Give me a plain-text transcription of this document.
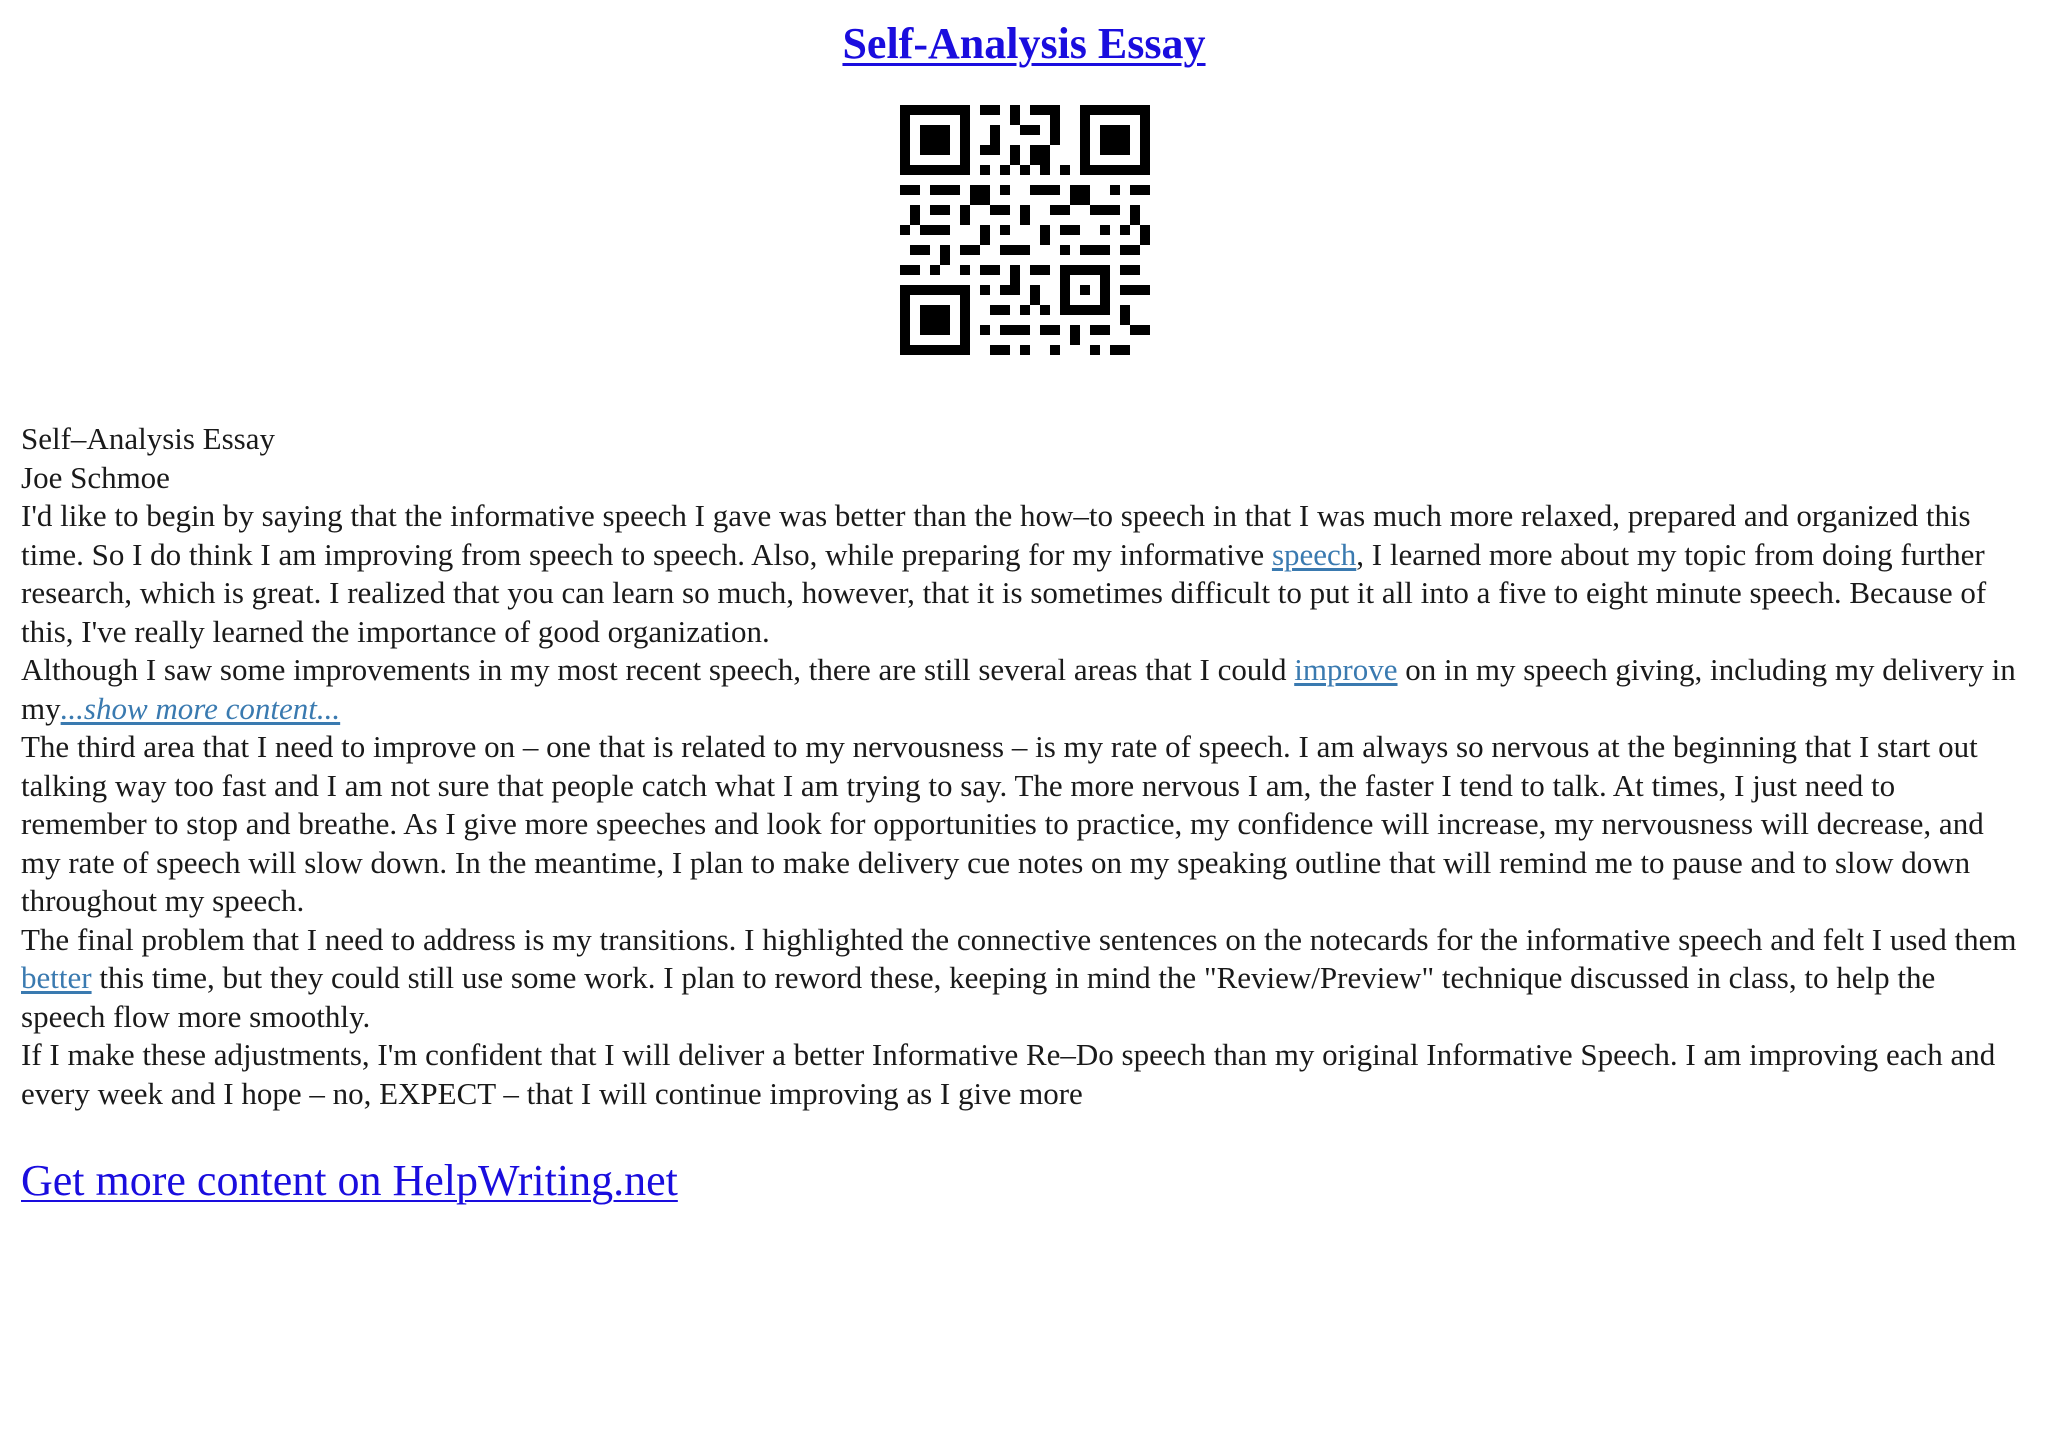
Self-Analysis Essay

Self–Analysis Essay

Joe Schmoe

I'd like to begin by saying that the informative speech I gave was better than the how–to speech in that I was much more relaxed, prepared and organized this time. So I do think I am improving from speech to speech. Also, while preparing for my informative speech, I learned more about my topic from doing further research, which is great. I realized that you can learn so much, however, that it is sometimes difficult to put it all into a five to eight minute speech. Because of this, I've really learned the importance of good organization.

Although I saw some improvements in my most recent speech, there are still several areas that I could improve on in my speech giving, including my delivery in my...show more content...

The third area that I need to improve on – one that is related to my nervousness – is my rate of speech. I am always so nervous at the beginning that I start out talking way too fast and I am not sure that people catch what I am trying to say. The more nervous I am, the faster I tend to talk. At times, I just need to remember to stop and breathe. As I give more speeches and look for opportunities to practice, my confidence will increase, my nervousness will decrease, and my rate of speech will slow down. In the meantime, I plan to make delivery cue notes on my speaking outline that will remind me to pause and to slow down throughout my speech.

The final problem that I need to address is my transitions. I highlighted the connective sentences on the notecards for the informative speech and felt I used them better this time, but they could still use some work. I plan to reword these, keeping in mind the "Review/Preview" technique discussed in class, to help the speech flow more smoothly.

If I make these adjustments, I'm confident that I will deliver a better Informative Re–Do speech than my original Informative Speech. I am improving each and every week and I hope – no, EXPECT – that I will continue improving as I give more

Get more content on HelpWriting.net
